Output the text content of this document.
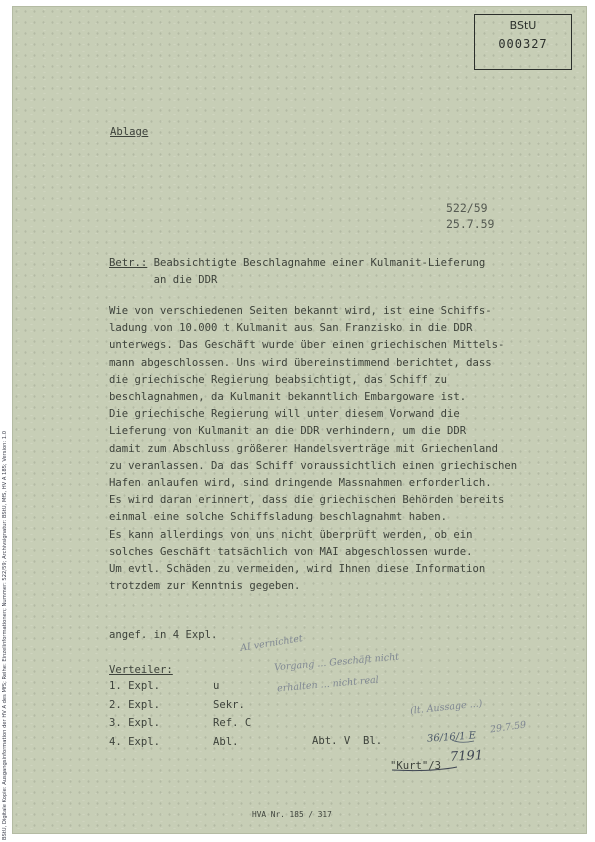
BStU
000327
Ablage
522/59
25.7.59
Betr.: Beabsichtigte Beschlagnahme einer Kulmanit-Lieferung
an die DDR
Wie von verschiedenen Seiten bekannt wird, ist eine Schiffs-
ladung von 10.000 t Kulmanit aus San Franzisko in die DDR
unterwegs. Das Geschäft wurde über einen griechischen Mittels-
mann abgeschlossen. Uns wird übereinstimmend berichtet, dass
die griechische Regierung beabsichtigt, das Schiff zu
beschlagnahmen, da Kulmanit bekanntlich Embargoware ist.
Die griechische Regierung will unter diesem Vorwand die
Lieferung von Kulmanit an die DDR verhindern, um die DDR
damit zum Abschluss größerer Handelsverträge mit Griechenland
zu veranlassen. Da das Schiff voraussichtlich einen griechischen
Hafen anlaufen wird, sind dringende Massnahmen erforderlich.
Es wird daran erinnert, dass die griechischen Behörden bereits
einmal eine solche Schiffsladung beschlagnahmt haben.
Es kann allerdings von uns nicht überprüft werden, ob ein
solches Geschäft tatsächlich von MAI abgeschlossen wurde.
Um evtl. Schäden zu vermeiden, wird Ihnen diese Information
trotzdem zur Kenntnis gegeben.
angef. in 4 Expl.
Verteiler:

1. Expl.

	u

2. Expl.

	Sekr.

3. Expl.

	Ref. C

4. Expl.

	Abl.

	Abt. V  Bl.
"Kurt"/3
36/16/1 E
7191
AI vernichtet
Vorgang ... Geschäft nicht
erhalten ... nicht real
(lt. Aussage ...)
29.7.59
HVA Nr. 185 / 317
BStU, Digitale Kopie: Ausgangsinformation der HV A des MfS; Reihe: Einzelinformationen; Nummer: 522/59; Archivsignatur: BStU, MfS, HV A 185; Version: 1.0
